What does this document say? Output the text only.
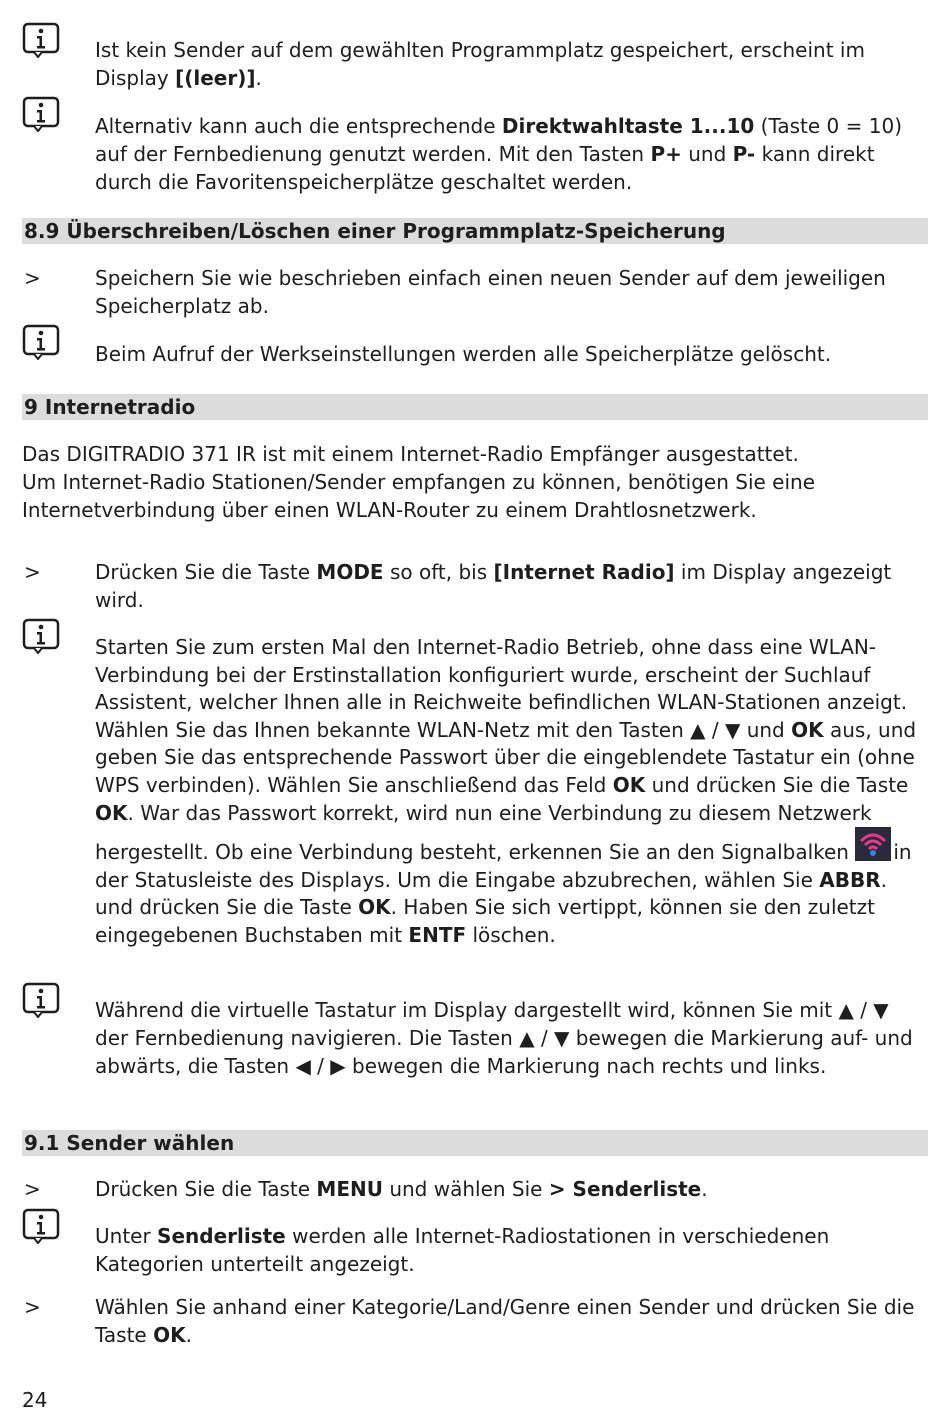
Ist kein Sender auf dem gewählten Programmplatz gespeichert, erscheint im Display [(leer)].
Alternativ kann auch die entsprechende Direktwahltaste 1...10 (Taste 0 = 10) auf der Fernbedienung genutzt werden. Mit den Tasten P+ und P- kann direkt durch die Favoritenspeicherplätze geschaltet werden.
8.9 Überschreiben/Löschen einer Programmplatz-Speicherung
>	Speichern Sie wie beschrieben einfach einen neuen Sender auf dem jeweiligen Speicherplatz ab.
Beim Aufruf der Werkseinstellungen werden alle Speicherplätze gelöscht.
9 Internetradio
Das DIGITRADIO 371 IR ist mit einem Internet-Radio Empfänger ausgestattet.
Um Internet-Radio Stationen/Sender empfangen zu können, benötigen Sie eine Internetverbindung über einen WLAN-Router zu einem Drahtlosnetzwerk.
>	Drücken Sie die Taste MODE so oft, bis [Internet Radio] im Display angezeigt wird.
Starten Sie zum ersten Mal den Internet-Radio Betrieb, ohne dass eine WLAN-Verbindung bei der Erstinstallation konfiguriert wurde, erscheint der Suchlauf Assistent, welcher Ihnen alle in Reichweite befindlichen WLAN-Stationen anzeigt. Wählen Sie das Ihnen bekannte WLAN-Netz mit den Tasten ▲ / ▼ und OK aus, und geben Sie das entsprechende Passwort über die eingeblendete Tastatur ein (ohne WPS verbinden). Wählen Sie anschließend das Feld OK und drücken Sie die Taste OK. War das Passwort korrekt, wird nun eine Verbindung zu diesem Netzwerk hergestellt. Ob eine Verbindung besteht, erkennen Sie an den Signalbalken in der Statusleiste des Displays. Um die Eingabe abzubrechen, wählen Sie ABBR. und drücken Sie die Taste OK. Haben Sie sich vertippt, können sie den zuletzt eingegebenen Buchstaben mit ENTF löschen.
Während die virtuelle Tastatur im Display dargestellt wird, können Sie mit ▲ / ▼ der Fernbedienung navigieren. Die Tasten ▲ / ▼ bewegen die Markierung auf- und abwärts, die Tasten ◀ / ▶ bewegen die Markierung nach rechts und links.
9.1 Sender wählen
>	Drücken Sie die Taste MENU und wählen Sie > Senderliste.
Unter Senderliste werden alle Internet-Radiostationen in verschiedenen Kategorien unterteilt angezeigt.
>	Wählen Sie anhand einer Kategorie/Land/Genre einen Sender und drücken Sie die Taste OK.
24
